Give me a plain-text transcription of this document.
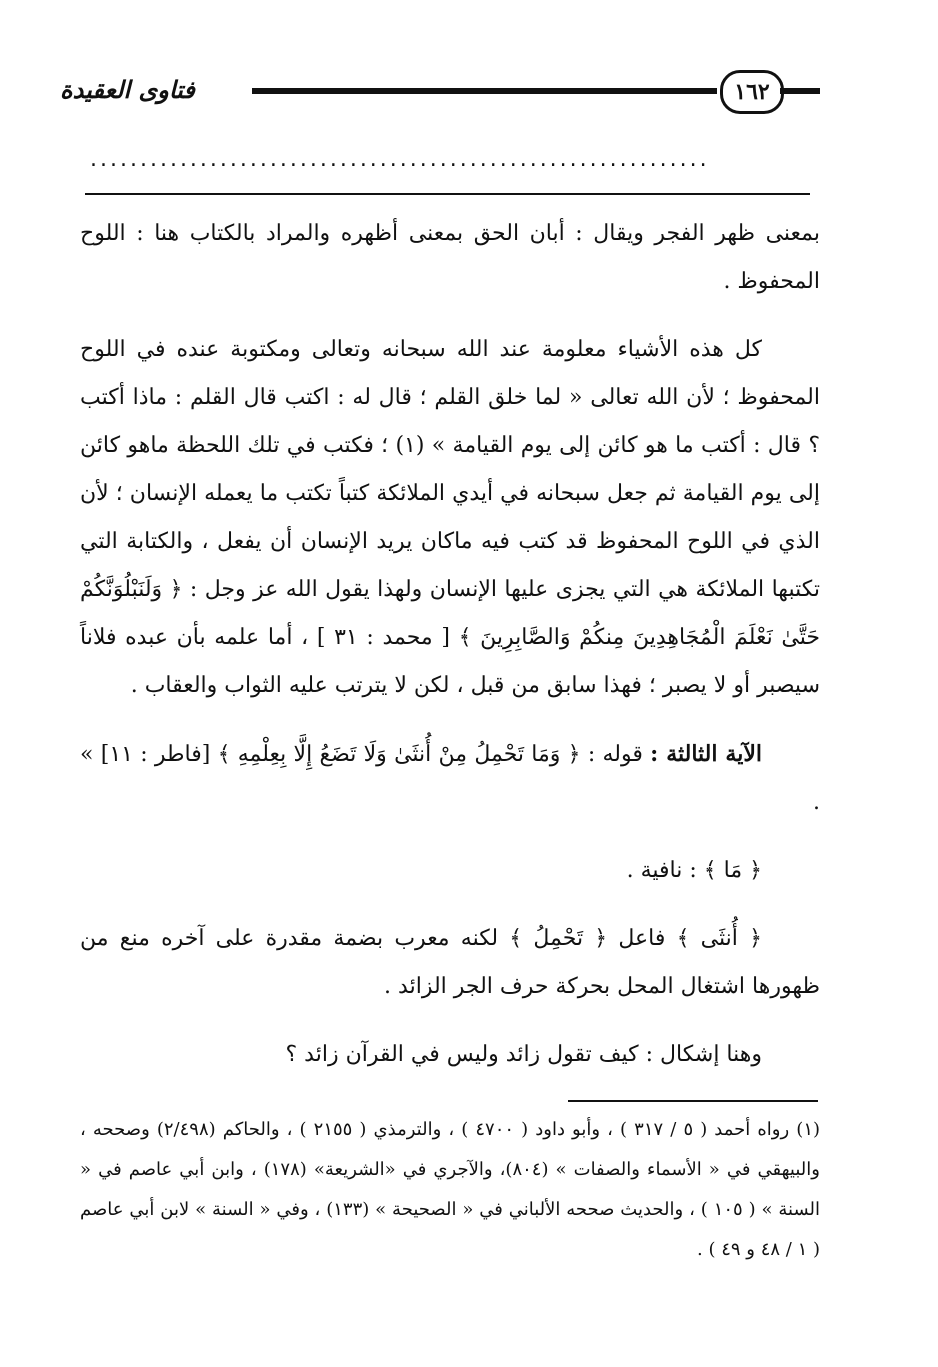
فتاوى العقيدة	١٦٢
..............................................................

بمعنى ظهر الفجر ويقال : أبان الحق بمعنى أظهره والمراد بالكتاب هنا : اللوح المحفوظ .

كل هذه الأشياء معلومة عند الله سبحانه وتعالى ومكتوبة عنده في اللوح المحفوظ ؛ لأن الله تعالى « لما خلق القلم ؛ قال له : اكتب قال القلم : ماذا أكتب ؟ قال : أكتب ما هو كائن إلى يوم القيامة » (١) ؛ فكتب في تلك اللحظة ماهو كائن إلى يوم القيامة ثم جعل سبحانه في أيدي الملائكة كتباً تكتب ما يعمله الإنسان ؛ لأن الذي في اللوح المحفوظ قد كتب فيه ماكان يريد الإنسان أن يفعل ، والكتابة التي تكتبها الملائكة هي التي يجزى عليها الإنسان ولهذا يقول الله عز وجل : ﴿ وَلَنَبْلُوَنَّكُمْ حَتَّىٰ نَعْلَمَ الْمُجَاهِدِينَ مِنكُمْ وَالصَّابِرِينَ ﴾ [ محمد : ٣١ ] ، أما علمه بأن عبده فلاناً سيصبر أو لا يصبر ؛ فهذا سابق من قبل ، لكن لا يترتب عليه الثواب والعقاب .

الآية الثالثة : قوله : ﴿ وَمَا تَحْمِلُ مِنْ أُنثَىٰ وَلَا تَضَعُ إِلَّا بِعِلْمِهِ ﴾ [فاطر : ١١] » .

﴿ مَا ﴾ : نافية .

﴿ أُنثَى ﴾ فاعل ﴿ تَحْمِلُ ﴾ لكنه معرب بضمة مقدرة على آخره منع من ظهورها اشتغال المحل بحركة حرف الجر الزائد .

وهنا إشكال : كيف تقول زائد وليس في القرآن زائد ؟

(١) رواه أحمد ( ٥ / ٣١٧ ) ، وأبو داود ( ٤٧٠٠ ) ، والترمذي ( ٢١٥٥ ) ، والحاكم (٢/٤٩٨) وصححه ، والبيهقي في « الأسماء والصفات » (٨٠٤)، والآجري في «الشريعة» (١٧٨) ، وابن أبي عاصم في « السنة » ( ١٠٥ ) ، والحديث صححه الألباني في « الصحيحة » (١٣٣) ، وفي « السنة » لابن أبي عاصم ( ١ / ٤٨ و ٤٩ ) .
